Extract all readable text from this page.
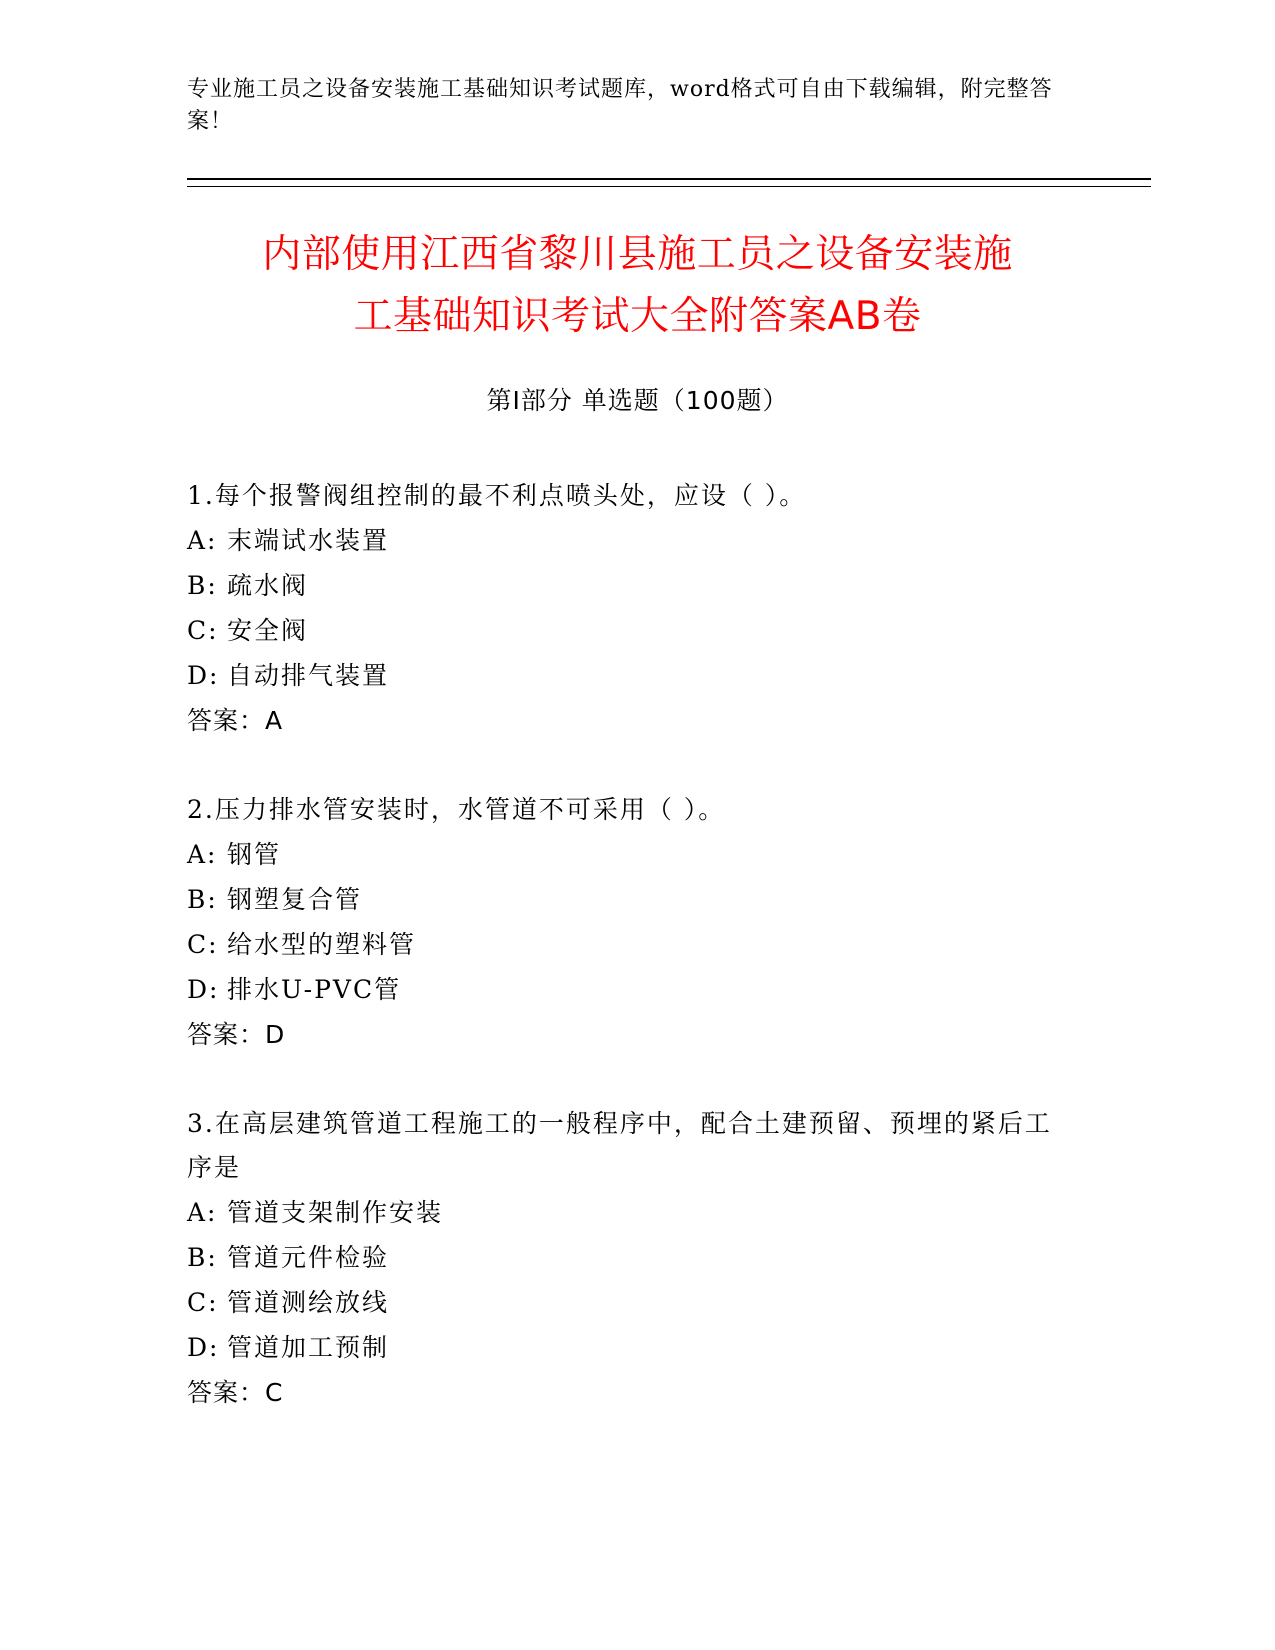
专业施工员之设备安装施工基础知识考试题库，word格式可自由下载编辑，附完整答案！
内部使用江西省黎川县施工员之设备安装施
工基础知识考试大全附答案AB卷
第Ⅰ部分 单选题（100题）
1.每个报警阀组控制的最不利点喷头处，应设（ ）。
A: 末端试水装置
B: 疏水阀
C: 安全阀
D: 自动排气装置
答案：A
2.压力排水管安装时，水管道不可采用（ ）。
A: 钢管
B: 钢塑复合管
C: 给水型的塑料管
D: 排水U-PVC管
答案：D
3.在高层建筑管道工程施工的一般程序中，配合土建预留、预埋的紧后工序是
A: 管道支架制作安装
B: 管道元件检验
C: 管道测绘放线
D: 管道加工预制
答案：C
